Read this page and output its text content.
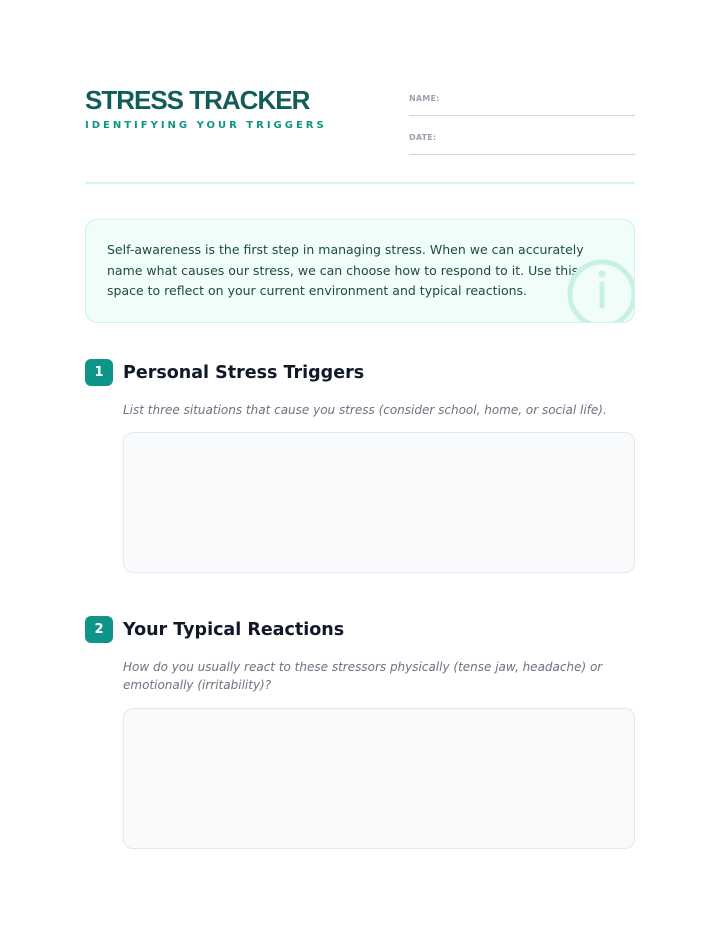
STRESS TRACKER
IDENTIFYING YOUR TRIGGERS
NAME:
DATE:

Self-awareness is the first step in managing stress. When we can accurately name what causes our stress, we can choose how to respond to it. Use this space to reflect on your current environment and typical reactions.

1	Personal Stress Triggers

List three situations that cause you stress (consider school, home, or social life).

2	Your Typical Reactions

How do you usually react to these stressors physically (tense jaw, headache) or emotionally (irritability)?
